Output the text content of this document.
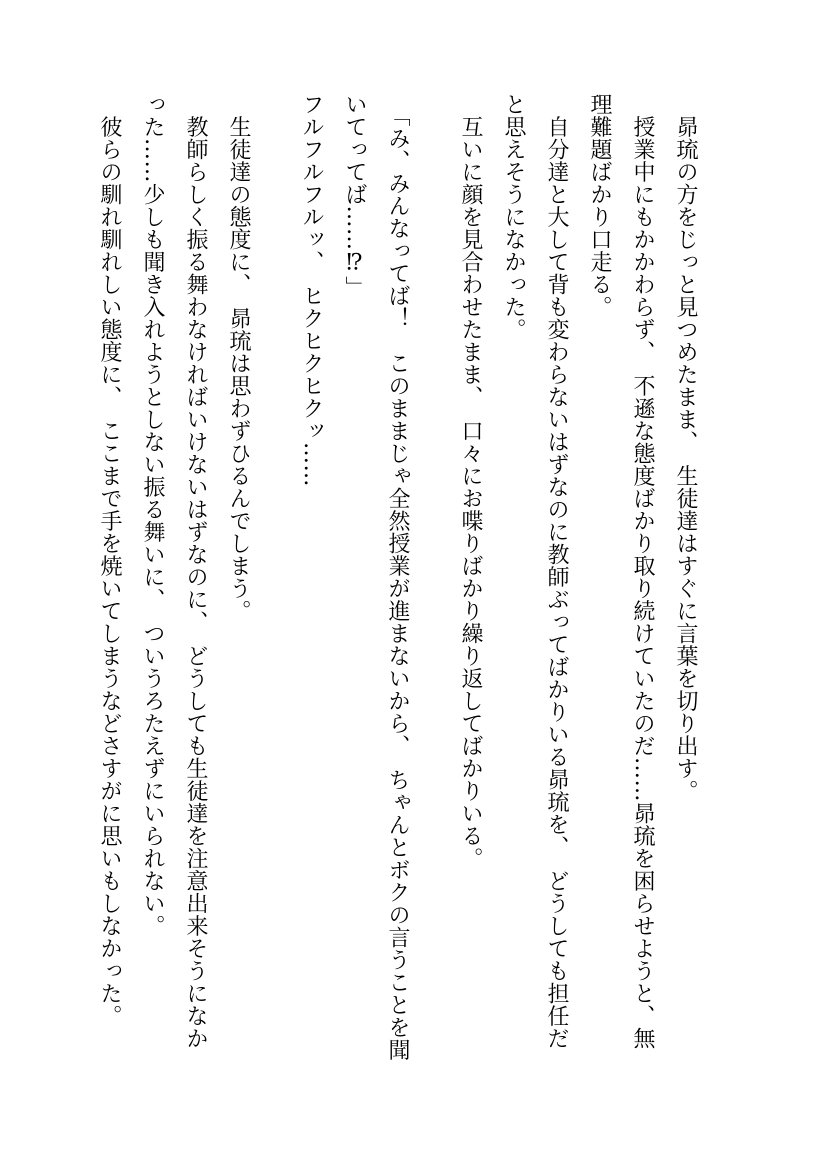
　昴琉の方をじっと見つめたまま、　生徒達はすぐに言葉を切り出す。

　授業中にもかかわらず、　不遜な態度ばかり取り続けていたのだ……昴琉を困らせようと、無

理難題ばかり口走る。

　自分達と大して背も変わらないはずなのに教師ぶってばかりいる昴琉を、　どうしても担任だ

と思えそうになかった。

　互いに顔を見合わせたまま、　口々にお喋りばかり繰り返してばかりいる。

　「み、みんなってば！　このままじゃ全然授業が進まないから、　ちゃんとボクの言うことを聞

いてってば……⁉」

フルフルフルッ、　ヒクヒクヒクッ……

　生徒達の態度に、　昴琉は思わずひるんでしまう。

　教師らしく振る舞わなければいけないはずなのに、　どうしても生徒達を注意出来そうになか

った……少しも聞き入れようとしない振る舞いに、　ついうろたえずにいられない。

　彼らの馴れ馴れしい態度に、　ここまで手を焼いてしまうなどさすがに思いもしなかった。
